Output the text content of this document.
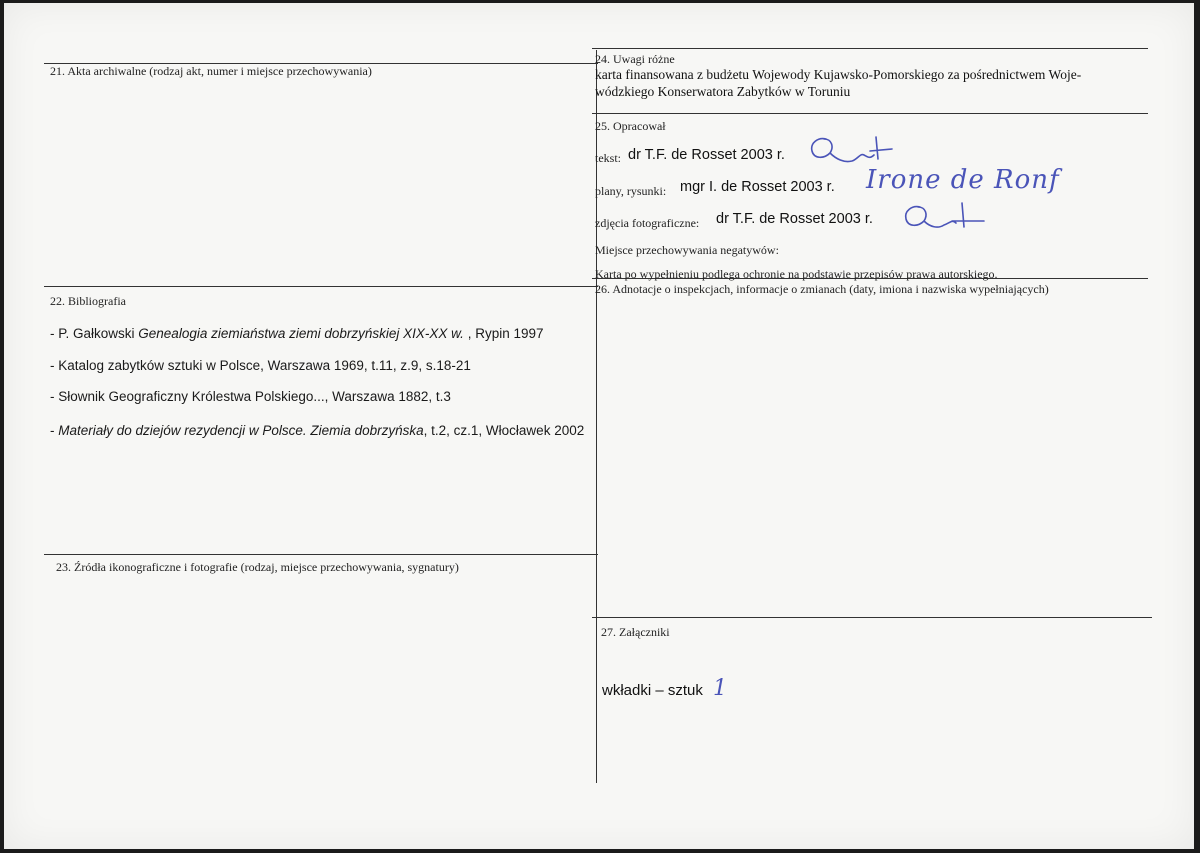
21. Akta archiwalne (rodzaj akt, numer i miejsce przechowywania)
24. Uwagi różne
karta finansowana z budżetu Wojewody Kujawsko-Pomorskiego za pośrednictwem Woje-
wódzkiego Konserwatora Zabytków w Toruniu
25. Opracował
tekst: dr T.F. de Rosset 2003 r.
plany, rysunki: mgr I. de Rosset 2003 r. Irone de Ronf
zdjęcia fotograficzne: dr T.F. de Rosset 2003 r.
Miejsce przechowywania negatywów:
Karta po wypełnieniu podlega ochronie na podstawie przepisów prawa autorskiego.
22. Bibliografia
- P. Gałkowski Genealogia ziemiaństwa ziemi dobrzyńskiej XIX-XX w. , Rypin 1997
- Katalog zabytków sztuki w Polsce, Warszawa 1969, t.11, z.9, s.18-21
- Słownik Geograficzny Królestwa Polskiego..., Warszawa 1882, t.3
- Materiały do dziejów rezydencji w Polsce. Ziemia dobrzyńska, t.2, cz.1, Włocławek 2002
23. Źródła ikonograficzne i fotografie (rodzaj, miejsce przechowywania, sygnatury)
26. Adnotacje o inspekcjach, informacje o zmianach (daty, imiona i nazwiska wypełniających)
27. Załączniki
wkładki – sztuk 1
